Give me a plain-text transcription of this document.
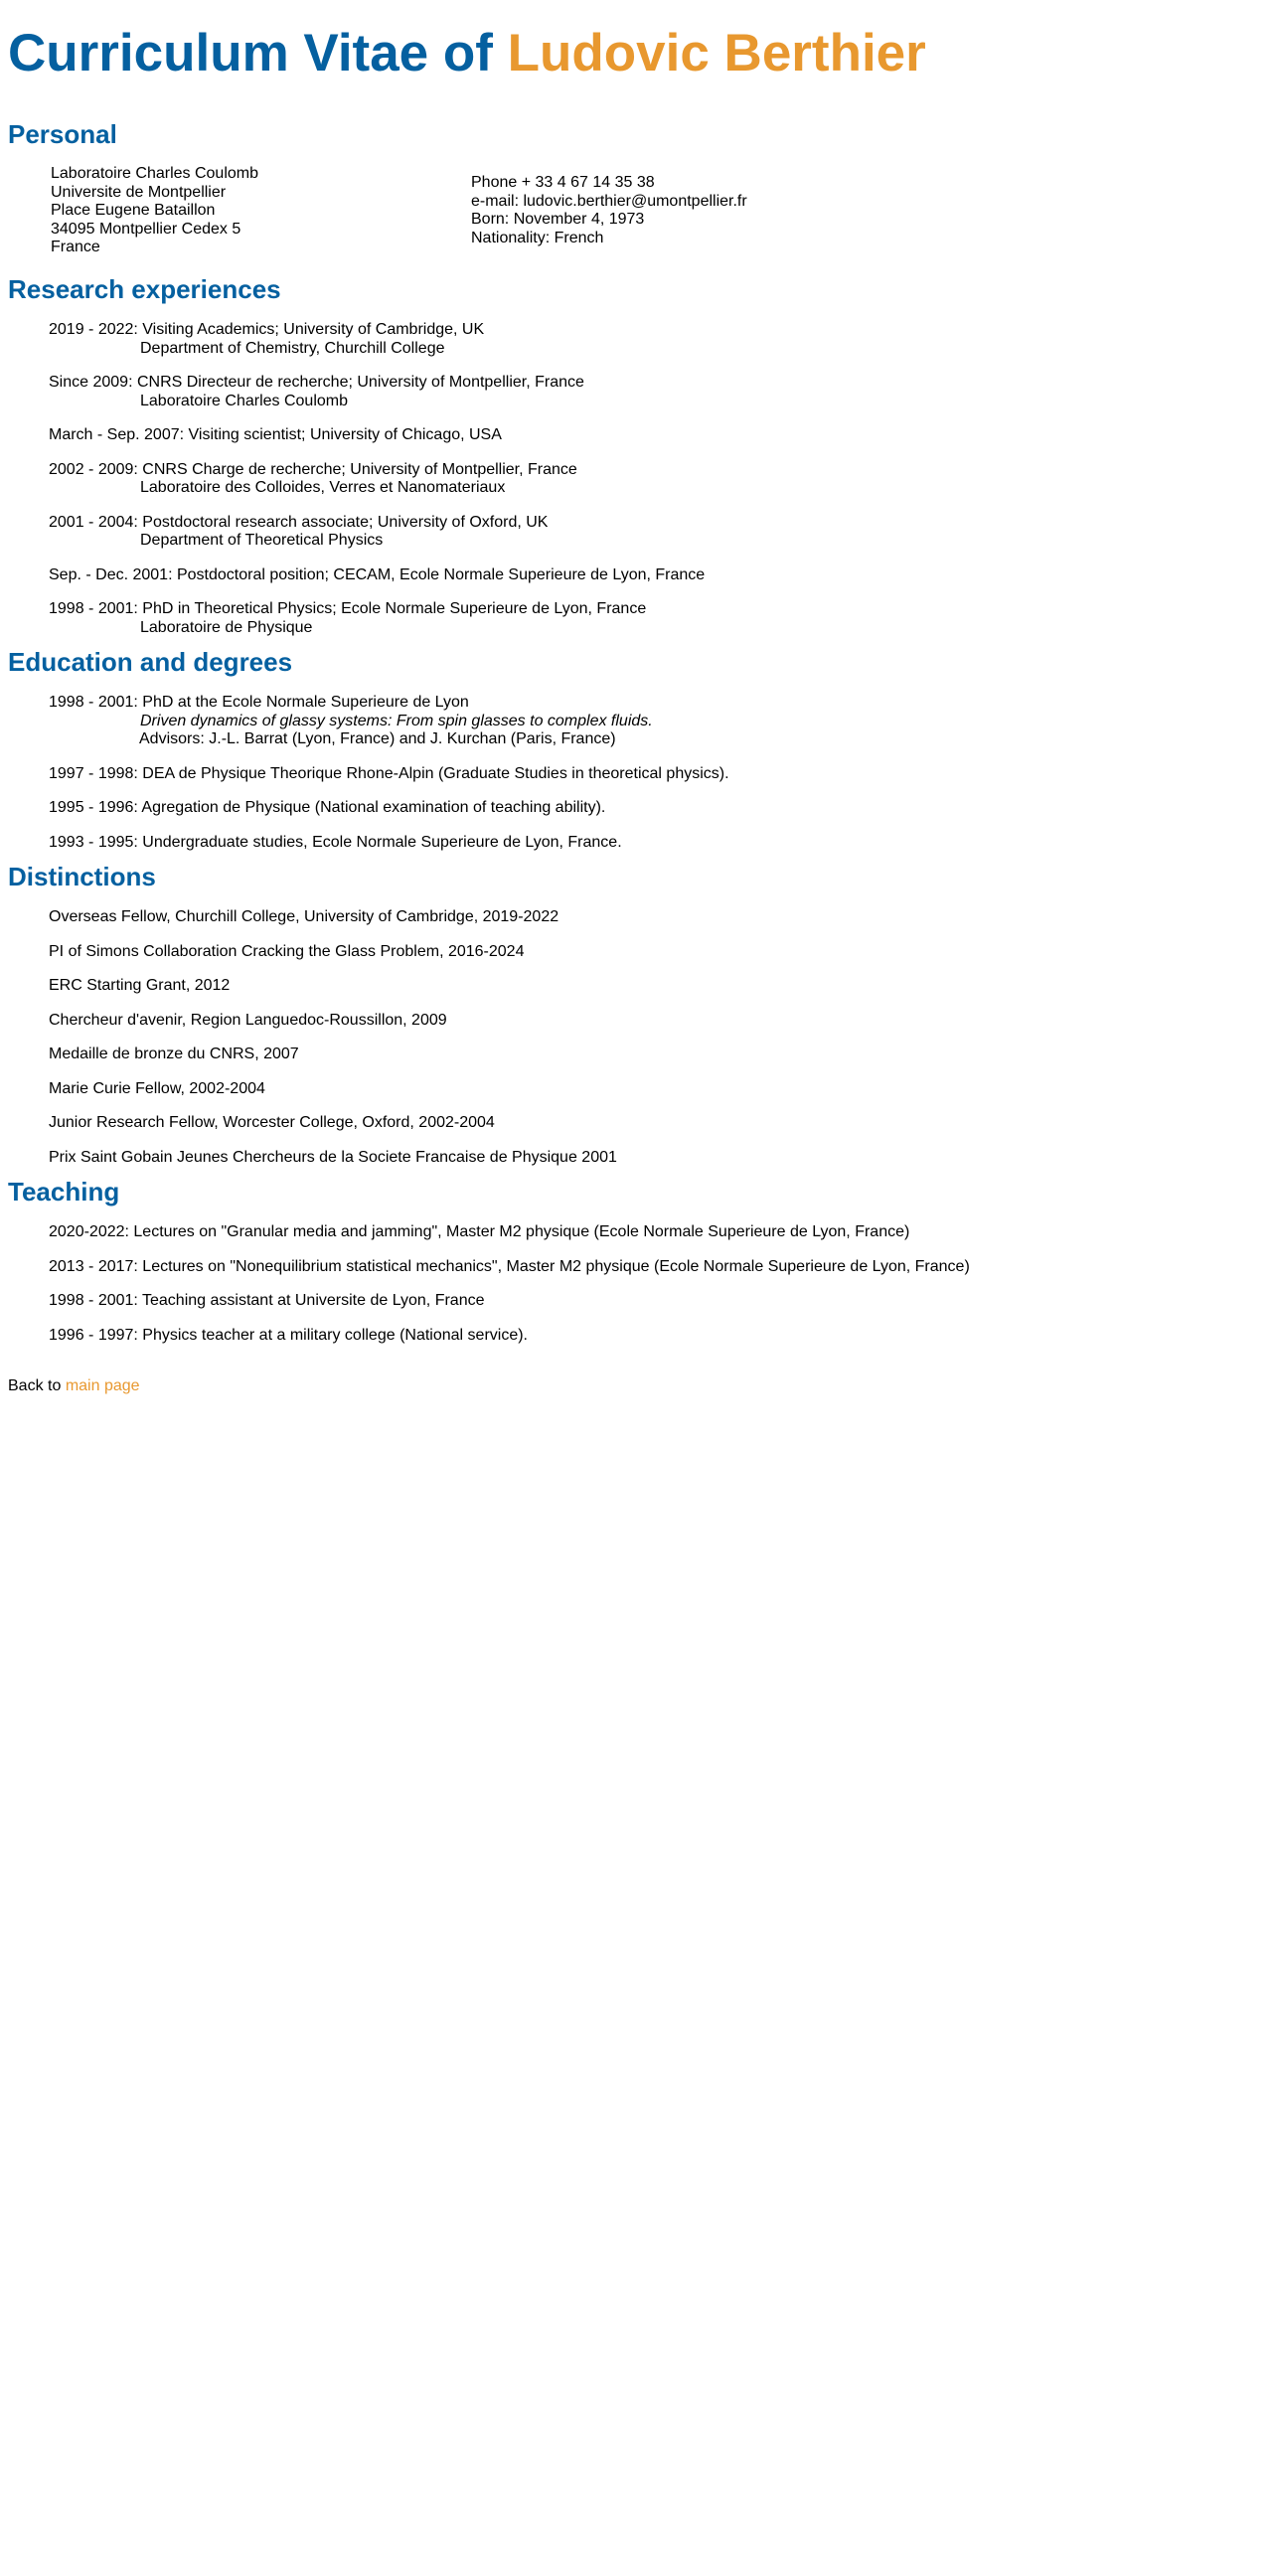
Curriculum Vitae of Ludovic Berthier
Personal
Laboratoire Charles Coulomb
Universite de Montpellier
Place Eugene Bataillon
34095 Montpellier Cedex 5
France
Phone + 33 4 67 14 35 38
e-mail: ludovic.berthier@umontpellier.fr
Born: November 4, 1973
Nationality: French
Research experiences
2019 - 2022: Visiting Academics; University of Cambridge, UK
Department of Chemistry, Churchill College
Since 2009: CNRS Directeur de recherche; University of Montpellier, France
Laboratoire Charles Coulomb
March - Sep. 2007: Visiting scientist; University of Chicago, USA
2002 - 2009: CNRS Charge de recherche; University of Montpellier, France
Laboratoire des Colloides, Verres et Nanomateriaux
2001 - 2004: Postdoctoral research associate; University of Oxford, UK
Department of Theoretical Physics
Sep. - Dec. 2001: Postdoctoral position; CECAM, Ecole Normale Superieure de Lyon, France
1998 - 2001: PhD in Theoretical Physics; Ecole Normale Superieure de Lyon, France
Laboratoire de Physique
Education and degrees
1998 - 2001: PhD at the Ecole Normale Superieure de Lyon
Driven dynamics of glassy systems: From spin glasses to complex fluids.
Advisors: J.-L. Barrat (Lyon, France) and J. Kurchan (Paris, France)
1997 - 1998: DEA de Physique Theorique Rhone-Alpin (Graduate Studies in theoretical physics).
1995 - 1996: Agregation de Physique (National examination of teaching ability).
1993 - 1995: Undergraduate studies, Ecole Normale Superieure de Lyon, France.
Distinctions
Overseas Fellow, Churchill College, University of Cambridge, 2019-2022
PI of Simons Collaboration Cracking the Glass Problem, 2016-2024
ERC Starting Grant, 2012
Chercheur d'avenir, Region Languedoc-Roussillon, 2009
Medaille de bronze du CNRS, 2007
Marie Curie Fellow, 2002-2004
Junior Research Fellow, Worcester College, Oxford, 2002-2004
Prix Saint Gobain Jeunes Chercheurs de la Societe Francaise de Physique 2001
Teaching
2020-2022: Lectures on "Granular media and jamming", Master M2 physique (Ecole Normale Superieure de Lyon, France)
2013 - 2017: Lectures on "Nonequilibrium statistical mechanics", Master M2 physique (Ecole Normale Superieure de Lyon, France)
1998 - 2001: Teaching assistant at Universite de Lyon, France
1996 - 1997: Physics teacher at a military college (National service).
Back to main page
